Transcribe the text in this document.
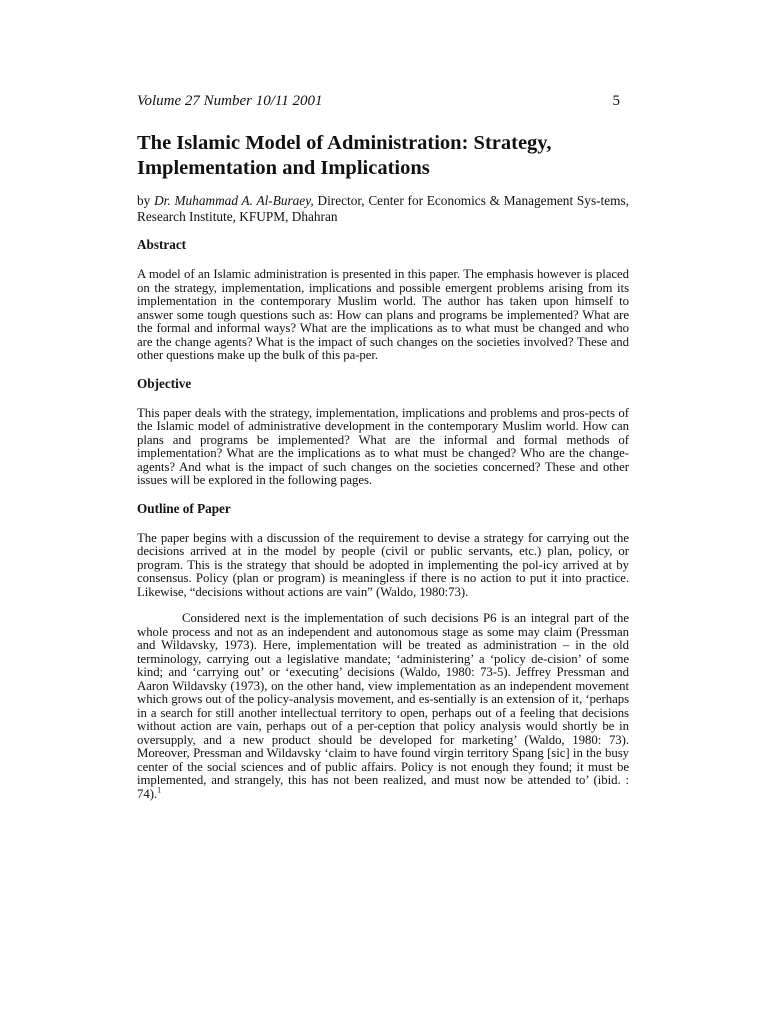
Volume 27 Number 10/11 2001	5
The Islamic Model of Administration: Strategy, Implementation and Implications

by Dr. Muhammad A. Al-Buraey, Director, Center for Economics & Management Sys-tems, Research Institute, KFUPM, Dhahran

Abstract

A model of an Islamic administration is presented in this paper. The emphasis however is placed on the strategy, implementation, implications and possible emergent problems arising from its implementation in the contemporary Muslim world. The author has taken upon himself to answer some tough questions such as: How can plans and programs be implemented? What are the formal and informal ways? What are the implications as to what must be changed and who are the change agents? What is the impact of such changes on the societies involved? These and other questions make up the bulk of this pa-per.

Objective

This paper deals with the strategy, implementation, implications and problems and pros-pects of the Islamic model of administrative development in the contemporary Muslim world. How can plans and programs be implemented? What are the informal and formal methods of implementation? What are the implications as to what must be changed? Who are the change-agents? And what is the impact of such changes on the societies concerned? These and other issues will be explored in the following pages.

Outline of Paper

The paper begins with a discussion of the requirement to devise a strategy for carrying out the decisions arrived at in the model by people (civil or public servants, etc.) plan, policy, or program. This is the strategy that should be adopted in implementing the pol-icy arrived at by consensus. Policy (plan or program) is meaningless if there is no action to put it into practice. Likewise, “decisions without actions are vain” (Waldo, 1980:73).

Considered next is the implementation of such decisions P6 is an integral part of the whole process and not as an independent and autonomous stage as some may claim (Pressman and Wildavsky, 1973). Here, implementation will be treated as administration – in the old terminology, carrying out a legislative mandate; ‘administering’ a ‘policy de-cision’ of some kind; and ‘carrying out’ or ‘executing’ decisions (Waldo, 1980: 73-5). Jeffrey Pressman and Aaron Wildavsky (1973), on the other hand, view implementation as an independent movement which grows out of the policy-analysis movement, and es-sentially is an extension of it, ‘perhaps in a search for still another intellectual territory to open, perhaps out of a feeling that decisions without action are vain, perhaps out of a per-ception that policy analysis would shortly be in oversupply, and a new product should be developed for marketing’ (Waldo, 1980: 73). Moreover, Pressman and Wildavsky ‘claim to have found virgin territory Spang [sic] in the busy center of the social sciences and of public affairs. Policy is not enough they found; it must be implemented, and strangely, this has not been realized, and must now be attended to’ (ibid. : 74).$^1$
